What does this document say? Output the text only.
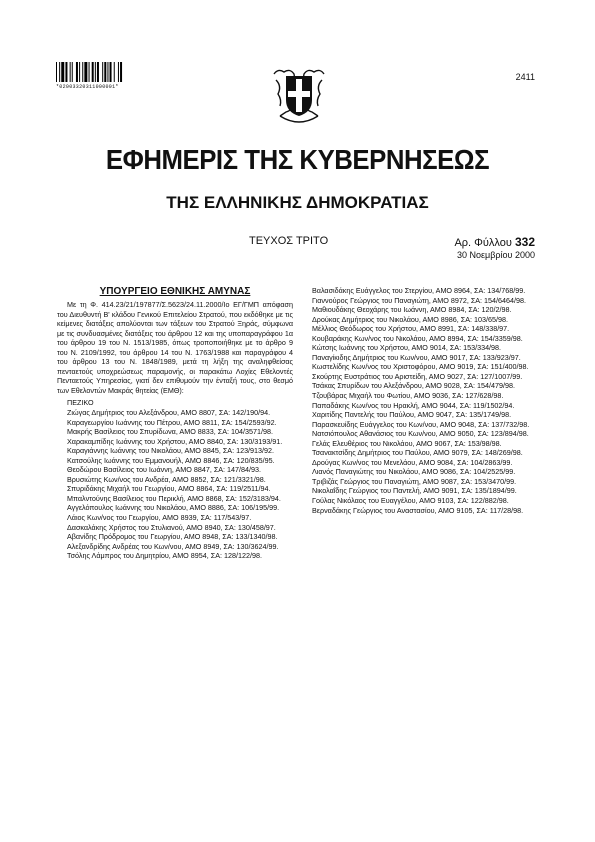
*02003320311000001*
2411
ΕΦΗΜΕΡΙΣ ΤΗΣ ΚΥΒΕΡΝΗΣΕΩΣ
ΤΗΣ ΕΛΛΗΝΙΚΗΣ ΔΗΜΟΚΡΑΤΙΑΣ
ΤΕΥΧΟΣ ΤΡΙΤΟ	Αρ. Φύλλου 332
30 Νοεμβρίου 2000
ΥΠΟΥΡΓΕΙΟ ΕΘΝΙΚΗΣ ΑΜΥΝΑΣ
Με τη Φ. 414.23/21/197877/Σ.5623/24.11.2000/Ιο ΕΓ/ΓΜΠ απόφαση του Διευθυντή Β' κλάδου Γενικού Επιτελείου Στρατού, που εκδόθηκε με τις κείμενες διατάξεις απολύονται των τάξεων του Στρατού Ξηράς, σύμφωνα με τις συνδυασμένες διατάξεις του άρθρου 12 και της υποπαραγράφου 1α του άρθρου 19 του Ν. 1513/1985, όπως τροποποιήθηκε με το άρθρο 9 του Ν. 2109/1992, του άρθρου 14 του Ν. 1763/1988 και παραγράφου 4 του άρθρου 13 του Ν. 1848/1989, μετά τη λήξη της αναληφθείσας πενταετούς υποχρεώσεως παραμονής, οι παρακάτω Λοχίες Εθελοντές Πενταετούς Υπηρεσίας, γιατί δεν επιθυμούν την ένταξή τους, στο θεσμό των Εθελοντών Μακράς θητείας (ΕΜΘ):
ΠΕΖΙΚΟ
Ζιώγας Δημήτριος του Αλεξάνδρου, ΑΜΟ 8807, ΣΑ: 142/190/94.
Καραγεωργίου Ιωάννης του Πέτρου, ΑΜΟ 8811, ΣΑ: 154/2593/92.
Μακρής Βασίλειος του Σπυρίδωνα, ΑΜΟ 8833, ΣΑ: 104/3571/98.
Χαρακαμπίδης Ιωάννης του Χρήστου, ΑΜΟ 8840, ΣΑ: 130/3193/91.
Καραγιάννης Ιωάννης του Νικολάου, ΑΜΟ 8845, ΣΑ: 123/913/92.
Κατσούλης Ιωάννης του Εμμανουήλ, ΑΜΟ 8846, ΣΑ: 120/835/95.
Θεοδώρου Βασίλειος του Ιωάννη, ΑΜΟ 8847, ΣΑ: 147/84/93.
Βρυσιώτης Κων/νος του Ανδρέα, ΑΜΟ 8852, ΣΑ: 121/3321/98.
Σπυριδάκης Μιχαήλ του Γεωργίου, ΑΜΟ 8864, ΣΑ: 119/2511/94.
Μπαλντούνης Βασίλειος του Περικλή, ΑΜΟ 8868, ΣΑ: 152/3183/94.
Αγγελόπουλος Ιωάννης του Νικολάου, ΑΜΟ 8886, ΣΑ: 106/195/99.
Λάιος Κων/νος του Γεωργίου, ΑΜΟ 8939, ΣΑ: 117/543/97.
Δασκαλάκης Χρήστος του Στυλιανού, ΑΜΟ 8940, ΣΑ: 130/458/97.
Αβανίδης Πρόδρομος του Γεωργίου, ΑΜΟ 8948, ΣΑ: 133/1340/98.
Αλεξανδρίδης Ανδρέας του Κων/νου, ΑΜΟ 8949, ΣΑ: 130/3624/99.
Τσόλης Λάμπρος του Δημητρίου, ΑΜΟ 8954, ΣΑ: 128/122/98.
Βαλασιδάκης Ευάγγελος του Στεργίου, ΑΜΟ 8964, ΣΑ: 134/768/99.
Γιαννούρος Γεώργιος του Παναγιώτη, ΑΜΟ 8972, ΣΑ: 154/6464/98.
Μαθιουδάκης Θεοχάρης του Ιωάννη, ΑΜΟ 8984, ΣΑ: 120/2/98.
Δρούκας Δημήτριος του Νικολάου, ΑΜΟ 8986, ΣΑ: 103/65/98.
Μέλλιος Θεόδωρος του Χρήστου, ΑΜΟ 8991, ΣΑ: 148/338/97.
Κουβαράκης Κων/νος του Νικολάου, ΑΜΟ 8994, ΣΑ: 154/3359/98.
Κώτσης Ιωάννης του Χρήστου, ΑΜΟ 9014, ΣΑ: 153/334/98.
Παναγίκιδης Δημήτριος του Κων/νου, ΑΜΟ 9017, ΣΑ: 133/923/97.
Κωστελίδης Κων/νος του Χριστοφόρου, ΑΜΟ 9019, ΣΑ: 151/400/98.
Σκούρτης Ευστράτιος του Αριστείδη, ΑΜΟ 9027, ΣΑ: 127/1007/99.
Τσάκας Σπυρίδων του Αλεξάνδρου, ΑΜΟ 9028, ΣΑ: 154/479/98.
Τζουβάρας Μιχαήλ του Φωτίου, ΑΜΟ 9036, ΣΑ: 127/628/98.
Παπαδάκης Κων/νος του Ηρακλή, ΑΜΟ 9044, ΣΑ: 119/1502/94.
Χαριτίδης Παντελής του Παύλου, ΑΜΟ 9047, ΣΑ: 135/1749/98.
Παρασκευίδης Ευάγγελος του Κων/νου, ΑΜΟ 9048, ΣΑ: 137/732/98.
Νατσιόπουλος Αθανάσιος του Κων/νου, ΑΜΟ 9050, ΣΑ: 123/894/98.
Γελάς Ελευθέριος του Νικολάου, ΑΜΟ 9067, ΣΑ: 153/98/98.
Τσανακτσίδης Δημήτριος του Παύλου, ΑΜΟ 9079, ΣΑ: 148/269/98.
Δρούγας Κων/νος του Μενελάου, ΑΜΟ 9084, ΣΑ: 104/2863/99.
Λιανός Παναγιώτης του Νικολάου, ΑΜΟ 9086, ΣΑ: 104/2525/99.
Τριβιζάς Γεώργιος του Παναγιώτη, ΑΜΟ 9087, ΣΑ: 153/3470/99.
Νικολαΐδης Γεώργιος του Παντελή, ΑΜΟ 9091, ΣΑ: 135/1894/99.
Γούλας Νικόλαος του Ευαγγέλου, ΑΜΟ 9103, ΣΑ: 122/882/98.
Βερναδάκης Γεώργιος του Αναστασίου, ΑΜΟ 9105, ΣΑ: 117/28/98.
